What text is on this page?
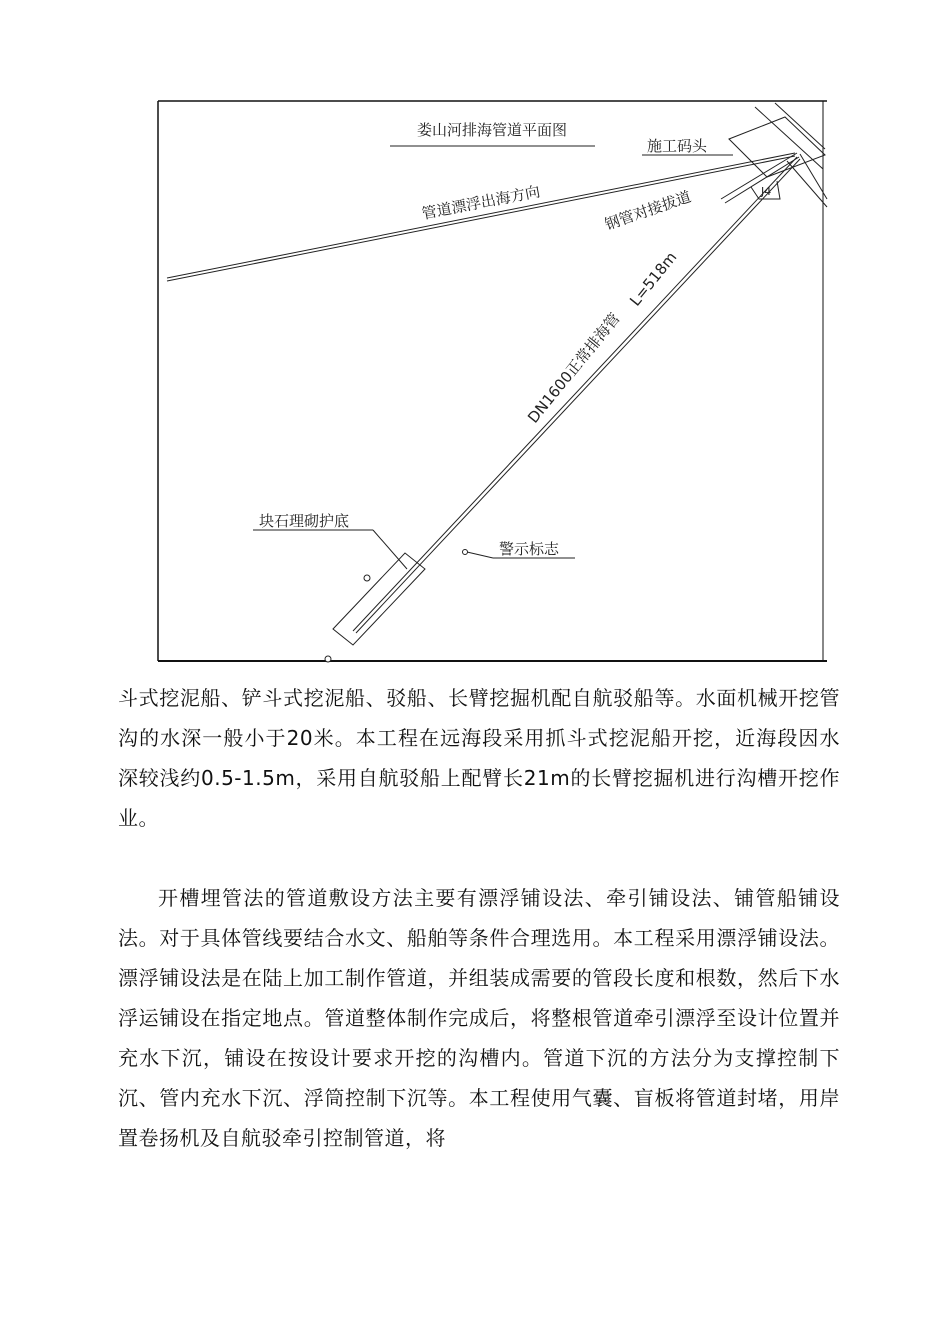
娄山河排海管道平面图
管道漂浮出海方向
施工码头
J4
钢管对接拔道
DN1600正常排海管
L=518m
块石理砌护底
警示标志

斗式挖泥船、铲斗式挖泥船、驳船、长臂挖掘机配自航驳船等。水面机械开挖管沟的水深一般小于20米。本工程在远海段采用抓斗式挖泥船开挖，近海段因水深较浅约0.5-1.5m，采用自航驳船上配臂长21m的长臂挖掘机进行沟槽开挖作业。

开槽埋管法的管道敷设方法主要有漂浮铺设法、牵引铺设法、铺管船铺设法。对于具体管线要结合水文、船舶等条件合理选用。本工程采用漂浮铺设法。漂浮铺设法是在陆上加工制作管道，并组装成需要的管段长度和根数，然后下水浮运铺设在指定地点。管道整体制作完成后，将整根管道牵引漂浮至设计位置并充水下沉，铺设在按设计要求开挖的沟槽内。管道下沉的方法分为支撑控制下沉、管内充水下沉、浮筒控制下沉等。本工程使用气囊、盲板将管道封堵，用岸置卷扬机及自航驳牵引控制管道，将
